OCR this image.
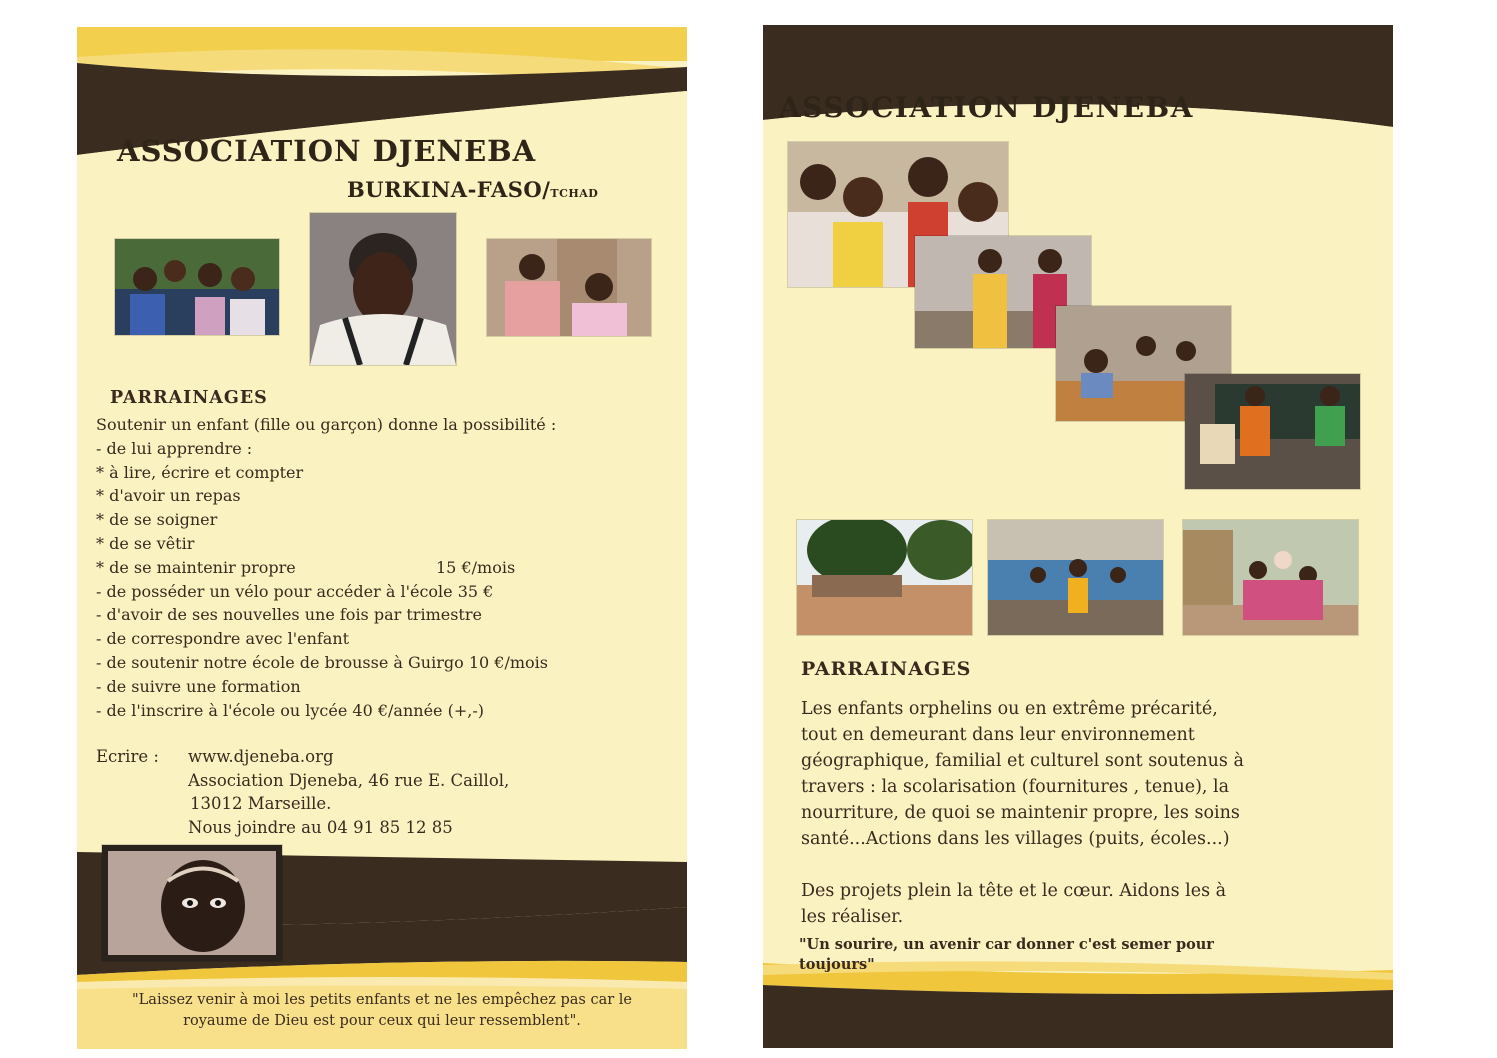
ASSOCIATION DJENEBA
BURKINA-FASO/TCHAD
PARRAINAGES
Soutenir un enfant (fille ou garçon) donne la possibilité :
- de lui apprendre :
* à lire, écrire et compter
* d'avoir un repas
* de se soigner
* de se vêtir
* de se maintenir propre	15 €/mois
- de posséder un vélo pour accéder à l'école 35 €
- d'avoir de ses nouvelles une fois par trimestre
- de correspondre avec l'enfant
- de soutenir notre école de brousse à Guirgo 10 €/mois
- de suivre une formation
- de l'inscrire à l'école ou lycée 40 €/année (+,-)
Ecrire : www.djeneba.org
Association Djeneba, 46 rue E. Caillol,
13012 Marseille.
Nous joindre au 04 91 85 12 85
"Laissez venir à moi les petits enfants et ne les empêchez pas car le
royaume de Dieu est pour ceux qui leur ressemblent".
ASSOCIATION DJENEBA
PARRAINAGES
Les enfants orphelins ou en extrême précarité,
tout en demeurant dans leur environnement
géographique, familial et culturel sont soutenus à
travers : la scolarisation (fournitures , tenue), la
nourriture, de quoi se maintenir propre, les soins
santé...Actions dans les villages (puits, écoles...)
Des projets plein la tête et le cœur. Aidons les à
les réaliser.
"Un sourire, un avenir car donner c'est semer pour
toujours"
